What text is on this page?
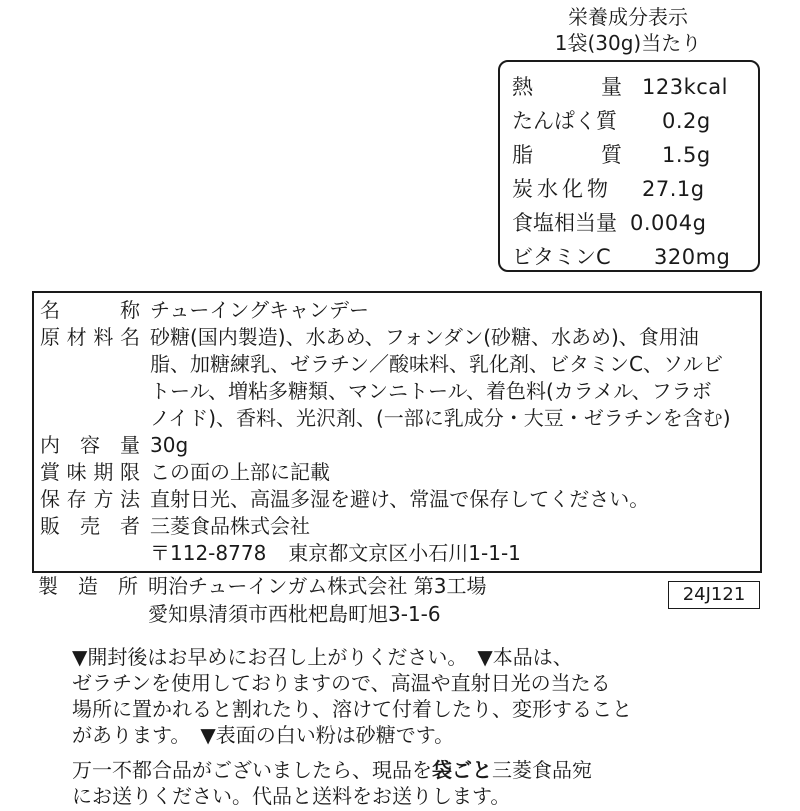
栄養成分表示
1袋(30g)当たり
熱	量 123kcal
たんぱく質 0.2g
脂	質 1.5g
炭水化物 27.1g
食塩相当量 0.004g
ビタミンC 320mg
名	称 チューイングキャンデー
原 材 料 名 砂糖(国内製造)、水あめ、フォンダン(砂糖、水あめ)、食用油
脂、加糖練乳、ゼラチン／酸味料、乳化剤、ビタミンC、ソルビ
トール、増粘多糖類、マンニトール、着色料(カラメル、フラボ
ノイド)、香料、光沢剤、(一部に乳成分・大豆・ゼラチンを含む)
内 容 量 30g
賞 味 期 限 この面の上部に記載
保 存 方 法 直射日光、高温多湿を避け、常温で保存してください。
販 売 者 三菱食品株式会社
〒112-8778 東京都文京区小石川1-1-1
製 造 所 明治チューインガム株式会社 第3工場
愛知県清須市西枇杷島町旭3-1-6
24J121
▼開封後はお早めにお召し上がりください。　▼本品は、
ゼラチンを使用しておりますので、高温や直射日光の当たる
場所に置かれると割れたり、溶けて付着したり、変形すること
があります。　▼表面の白い粉は砂糖です。
万一不都合品がございましたら、現品を袋ごと三菱食品宛
にお送りください。代品と送料をお送りします。
